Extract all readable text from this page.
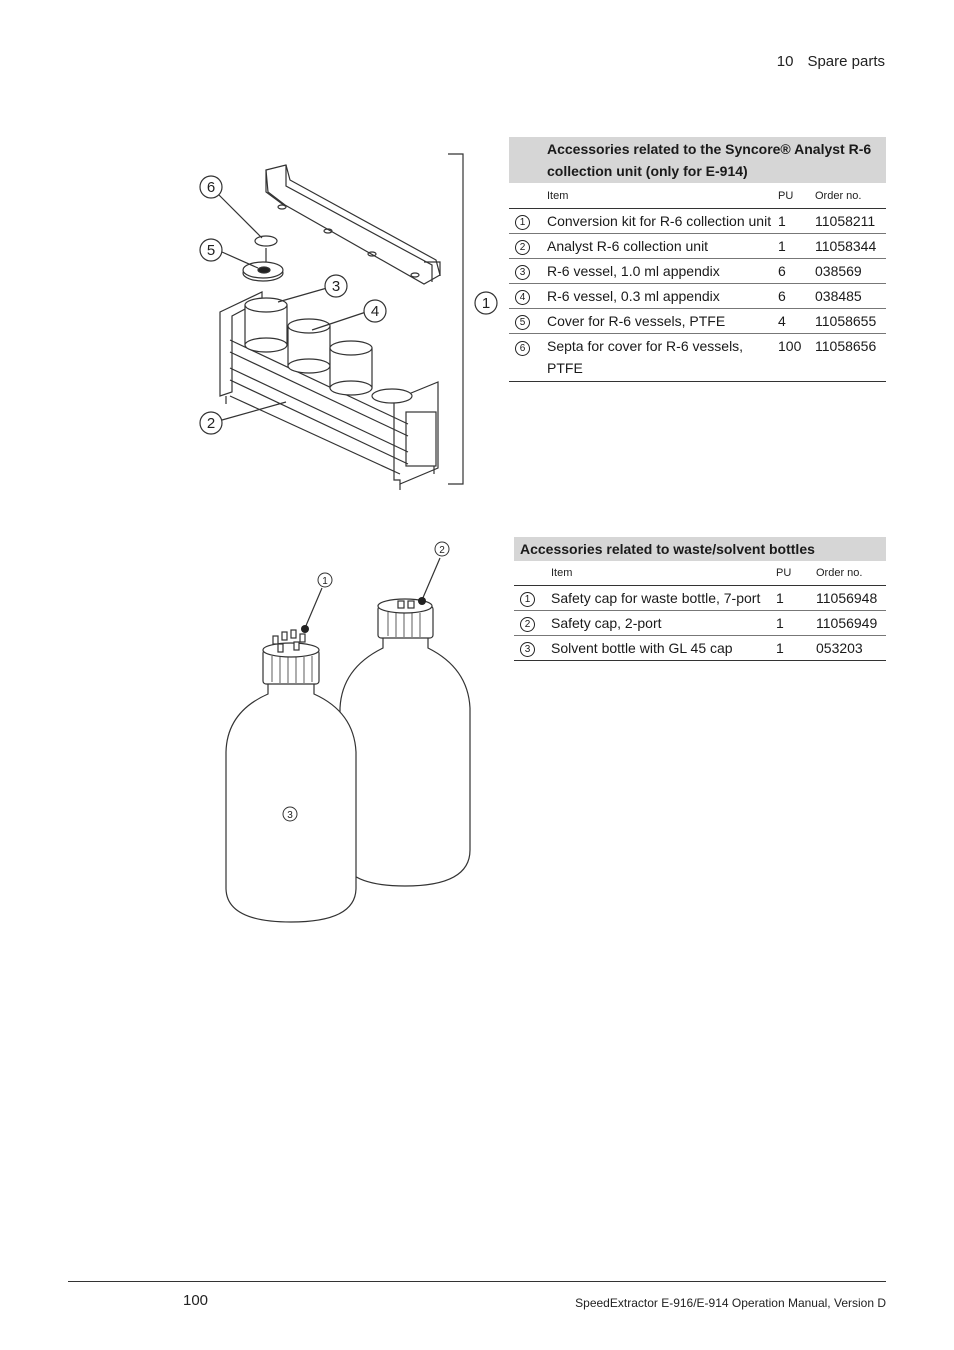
10 Spare parts
6
5
3
4	1
2
1
2
3
	Accessories related to the Syncore® Analyst R-6 collection unit (only for E-914)		
	Item	PU	Order no.
1	Conversion kit for R-6 collection unit	1	11058211
2	Analyst R-6 collection unit	1	11058344
3	R-6 vessel, 1.0 ml appendix	6	038569
4	R-6 vessel, 0.3 ml appendix	6	038485
5	Cover for R-6 vessels, PTFE	4	11058655
6	Septa for cover for R-6 vessels, PTFE	100	11058656
Accessories related to waste/solvent bottles			
	Item	PU	Order no.
1	Safety cap for waste bottle, 7-port	1	11056948
2	Safety cap, 2-port	1	11056949
3	Solvent bottle with GL 45 cap	1	053203
100	SpeedExtractor E-916/E-914 Operation Manual, Version D
